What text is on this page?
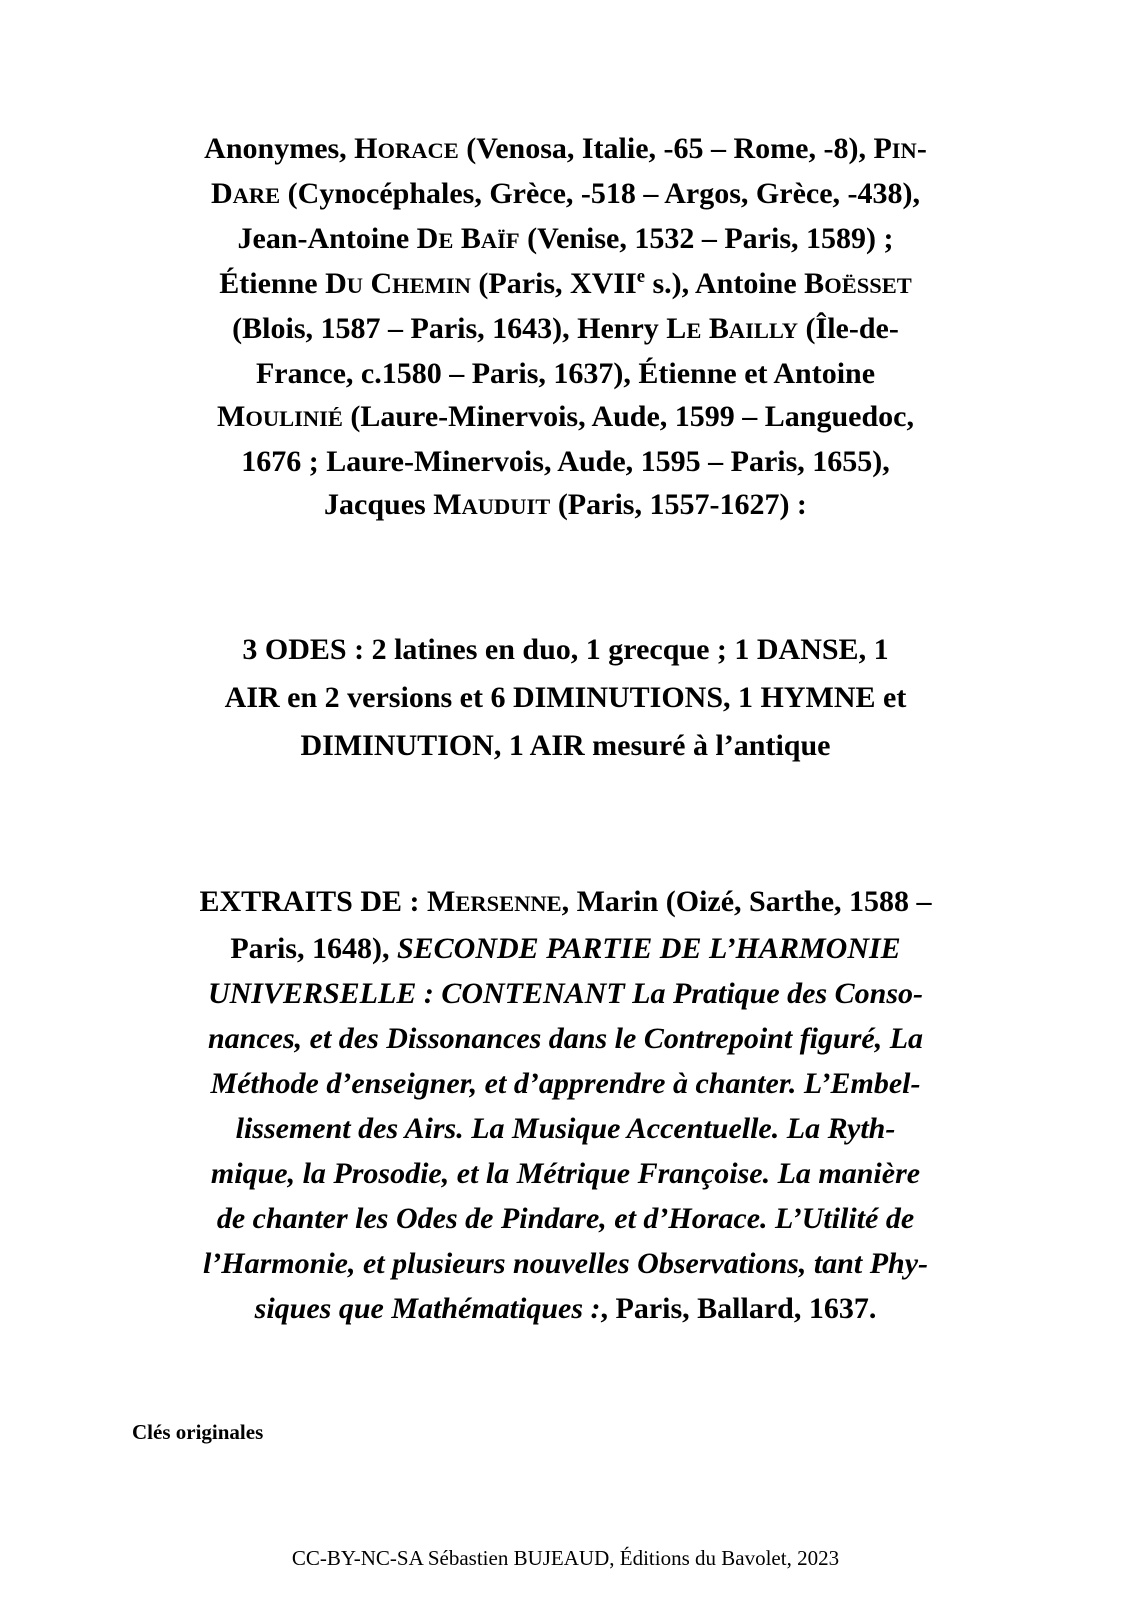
Anonymes, HORACE (Venosa, Italie, -65 – Rome, -8), PIN-
DARE (Cynocéphales, Grèce, -518 – Argos, Grèce, -438),
Jean-Antoine DE BAÏF (Venise, 1532 – Paris, 1589) ;
Étienne DU CHEMIN (Paris, XVIIe s.), Antoine BOËSSET
(Blois, 1587 – Paris, 1643), Henry LE BAILLY (Île-de-
France, c.1580 – Paris, 1637), Étienne et Antoine
MOULINIÉ (Laure-Minervois, Aude, 1599 – Languedoc,
1676 ; Laure-Minervois, Aude, 1595 – Paris, 1655),
Jacques MAUDUIT (Paris, 1557-1627) :
3 ODES : 2 latines en duo, 1 grecque ; 1 DANSE, 1
AIR en 2 versions et 6 DIMINUTIONS, 1 HYMNE et
DIMINUTION, 1 AIR mesuré à l’antique
EXTRAITS DE : MERSENNE, Marin (Oizé, Sarthe, 1588 –
Paris, 1648), SECONDE PARTIE DE L’HARMONIE
UNIVERSELLE : CONTENANT La Pratique des Conso-
nances, et des Dissonances dans le Contrepoint figuré, La
Méthode d’enseigner, et d’apprendre à chanter. L’Embel-
lissement des Airs. La Musique Accentuelle. La Ryth-
mique, la Prosodie, et la Métrique Françoise. La manière
de chanter les Odes de Pindare, et d’Horace. L’Utilité de
l’Harmonie, et plusieurs nouvelles Observations, tant Phy-
siques que Mathématiques :, Paris, Ballard, 1637.
Clés originales
CC-BY-NC-SA Sébastien BUJEAUD, Éditions du Bavolet, 2023
